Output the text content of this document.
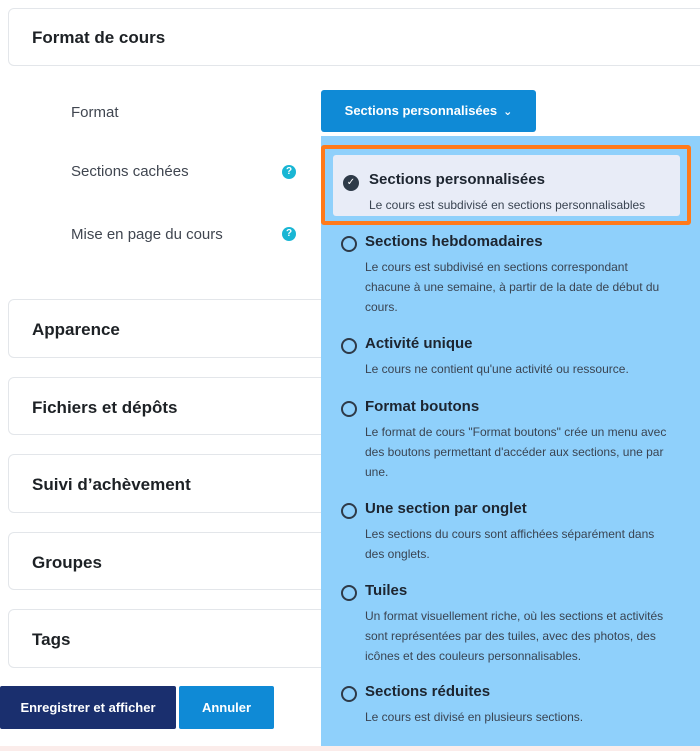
Format de cours
Format	Sections personnalisées ⌄
Sections cachées	?
Mise en page du cours	?
Apparence
Fichiers et dépôts
Suivi d’achèvement
Groupes
Tags
Sections hebdomadaires
Le cours est subdivisé en sections correspondant chacune à une semaine, à partir de la date de début du cours.
Activité unique
Le cours ne contient qu'une activité ou ressource.
Format boutons
Le format de cours "Format boutons" crée un menu avec des boutons permettant d'accéder aux sections, une par une.
Une section par onglet
Les sections du cours sont affichées séparément dans des onglets.
Tuiles
Un format visuellement riche, où les sections et activités sont représentées par des tuiles, avec des photos, des icônes et des couleurs personnalisables.
Sections réduites
Le cours est divisé en plusieurs sections.
✓ Sections personnalisées
Le cours est subdivisé en sections personnalisables
Enregistrer et afficher	Annuler
